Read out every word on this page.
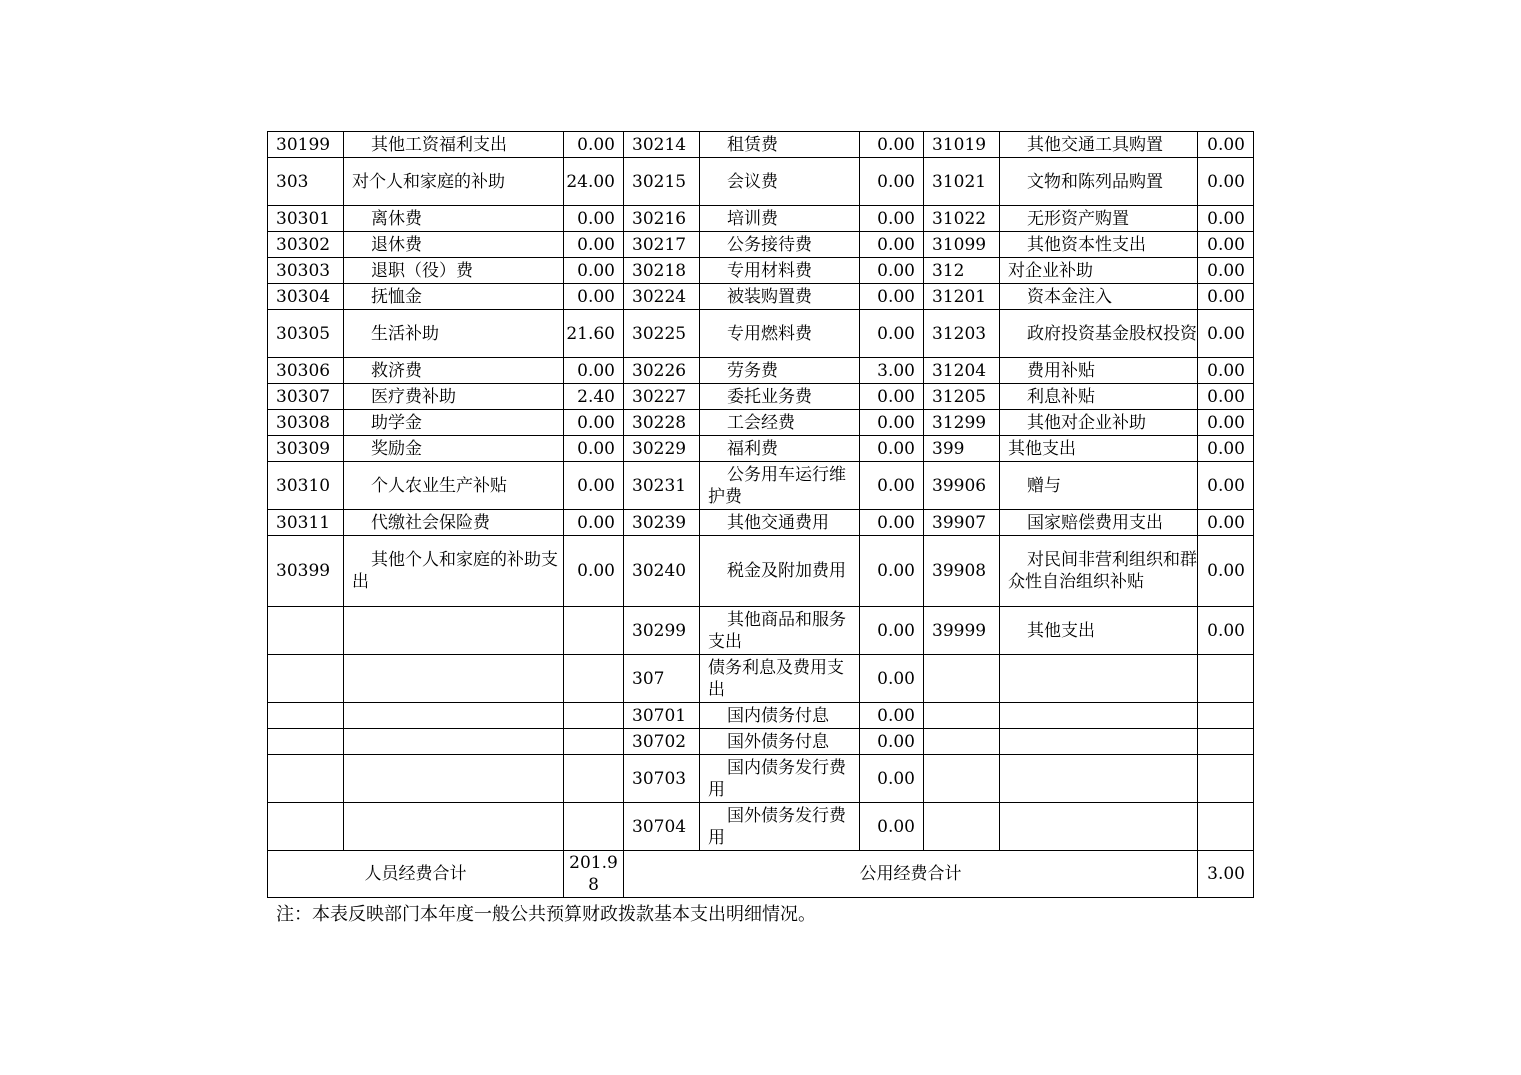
30199	其他工资福利支出	0.00	30214	租赁费	0.00	31019	其他交通工具购置	0.00
303	对个人和家庭的补助	24.00	30215	会议费	0.00	31021	文物和陈列品购置	0.00
30301	离休费	0.00	30216	培训费	0.00	31022	无形资产购置	0.00
30302	退休费	0.00	30217	公务接待费	0.00	31099	其他资本性支出	0.00
30303	退职（役）费	0.00	30218	专用材料费	0.00	312	对企业补助	0.00
30304	抚恤金	0.00	30224	被装购置费	0.00	31201	资本金注入	0.00
30305	生活补助	21.60	30225	专用燃料费	0.00	31203	政府投资基金股权投资	0.00
30306	救济费	0.00	30226	劳务费	3.00	31204	费用补贴	0.00
30307	医疗费补助	2.40	30227	委托业务费	0.00	31205	利息补贴	0.00
30308	助学金	0.00	30228	工会经费	0.00	31299	其他对企业补助	0.00
30309	奖励金	0.00	30229	福利费	0.00	399	其他支出	0.00
30310	个人农业生产补贴	0.00	30231	公务用车运行维护费	0.00	39906	赠与	0.00
30311	代缴社会保险费	0.00	30239	其他交通费用	0.00	39907	国家赔偿费用支出	0.00
30399	其他个人和家庭的补助支出	0.00	30240	税金及附加费用	0.00	39908	对民间非营利组织和群众性自治组织补贴	0.00
			30299	其他商品和服务支出	0.00	39999	其他支出	0.00
			307	债务利息及费用支出	0.00			
			30701	国内债务付息	0.00			
			30702	国外债务付息	0.00			
			30703	国内债务发行费用	0.00			
			30704	国外债务发行费用	0.00			
人员经费合计		201.98	公用经费合计					3.00
注：本表反映部门本年度一般公共预算财政拨款基本支出明细情况。
